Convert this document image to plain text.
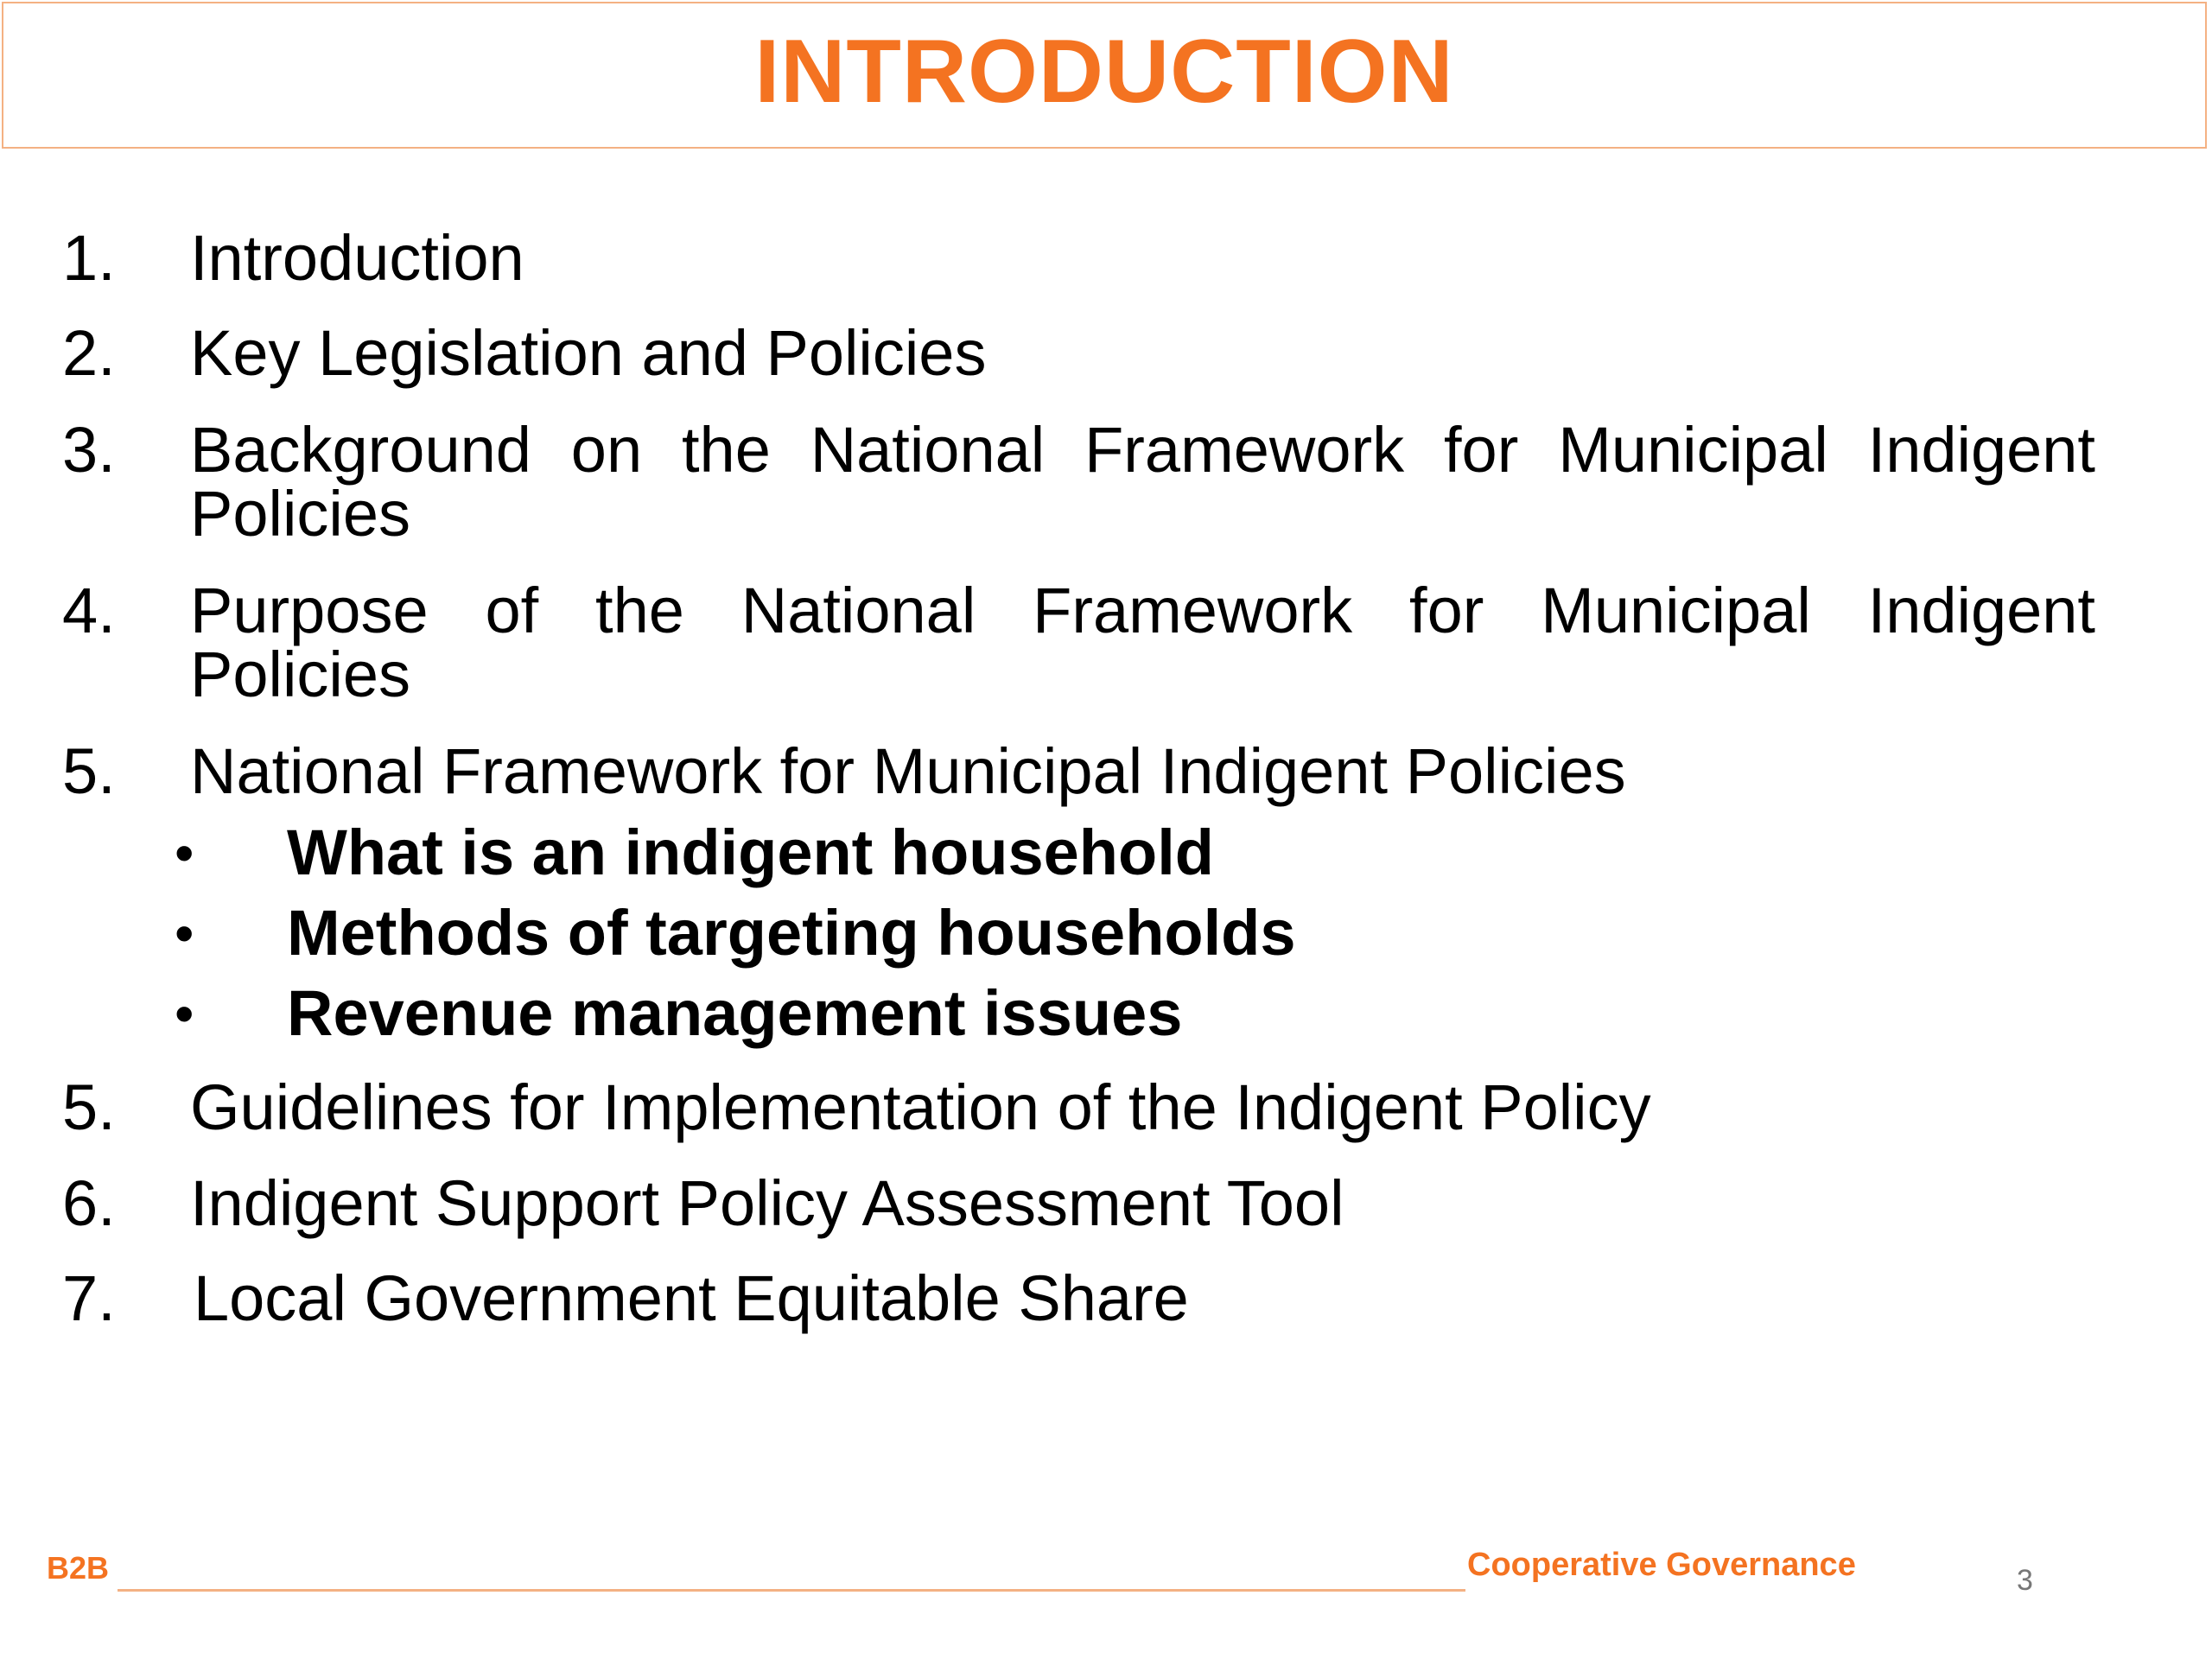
INTRODUCTION
1. Introduction
2. Key Legislation and Policies
3. Background on the National Framework for Municipal Indigent
Policies
4. Purpose of the National Framework for Municipal Indigent
Policies
5. National Framework for Municipal Indigent Policies
• What is an indigent household
• Methods of targeting households
• Revenue management issues
5. Guidelines for Implementation of the Indigent Policy
6. Indigent Support Policy Assessment Tool
7. Local Government Equitable Share
B2B	Cooperative Governance	3
